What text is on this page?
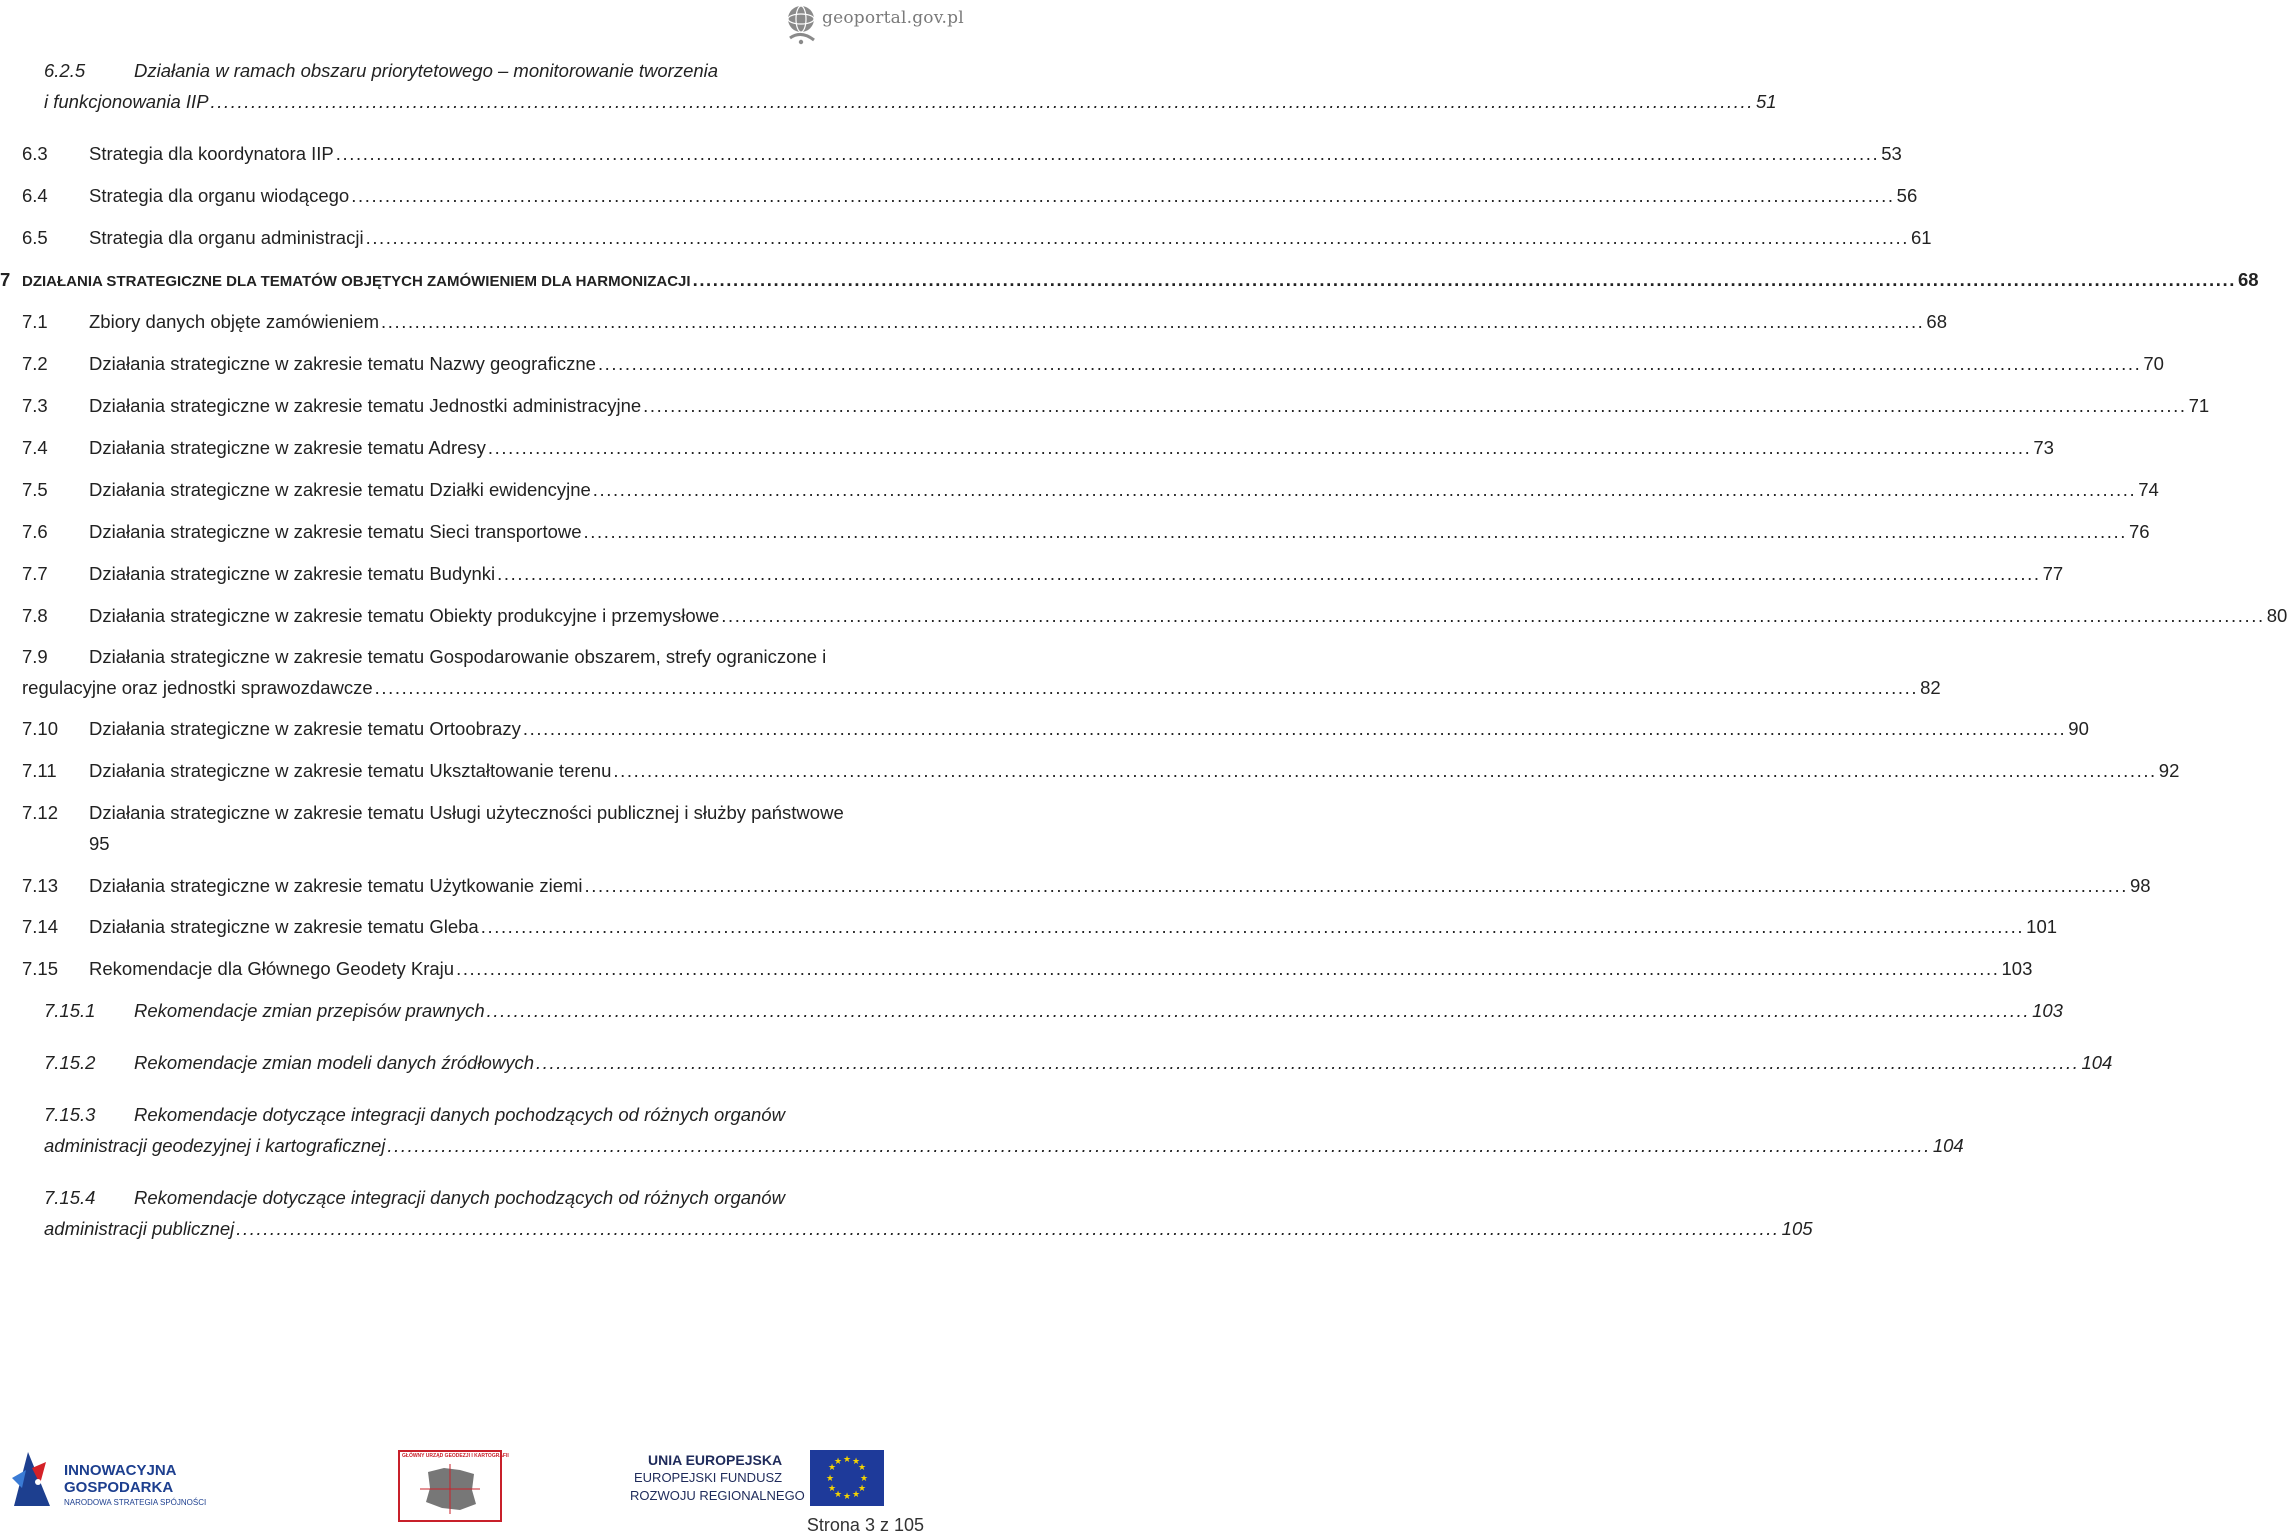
geoportal.gov.pl
6.2.5	Działania w ramach obszaru priorytetowego – monitorowanie tworzenia
i funkcjonowania IIP .....	51
6.3	Strategia dla koordynatora IIP .....	53
6.4	Strategia dla organu wiodącego .....	56
6.5	Strategia dla organu administracji .....	61
7 DZIAŁANIA STRATEGICZNE DLA TEMATÓW OBJĘTYCH ZAMÓWIENIEM DLA HARMONIZACJI .....	68
7.1	Zbiory danych objęte zamówieniem .....	68
7.2	Działania strategiczne w zakresie tematu Nazwy geograficzne .....	70
7.3	Działania strategiczne w zakresie tematu Jednostki administracyjne .....	71
7.4	Działania strategiczne w zakresie tematu Adresy .....	73
7.5	Działania strategiczne w zakresie tematu Działki ewidencyjne .....	74
7.6	Działania strategiczne w zakresie tematu Sieci transportowe .....	76
7.7	Działania strategiczne w zakresie tematu Budynki .....	77
7.8	Działania strategiczne w zakresie tematu Obiekty produkcyjne i przemysłowe .....	80
7.9 Działania strategiczne w zakresie tematu Gospodarowanie obszarem, strefy ograniczone i
regulacyjne oraz jednostki sprawozdawcze .....	82
7.10	Działania strategiczne w zakresie tematu Ortoobrazy .....	90
7.11	Działania strategiczne w zakresie tematu Ukształtowanie terenu .....	92
7.12 Działania strategiczne w zakresie tematu Usługi użyteczności publicznej i służby państwowe
95
7.13	Działania strategiczne w zakresie tematu Użytkowanie ziemi .....	98
7.14	Działania strategiczne w zakresie tematu Gleba .....	101
7.15	Rekomendacje dla Głównego Geodety Kraju .....	103
7.15.1	Rekomendacje zmian przepisów prawnych .....	103
7.15.2	Rekomendacje zmian modeli danych źródłowych .....	104
7.15.3 Rekomendacje dotyczące integracji danych pochodzących od różnych organów
administracji geodezyjnej i kartograficznej .....	104
7.15.4 Rekomendacje dotyczące integracji danych pochodzących od różnych organów
administracji publicznej .....	105
INNOWACYJNA
GOSPODARKA
NARODOWA STRATEGIA SPÓJNOŚCI
GŁÓWNY URZĄD GEODEZJI I KARTOGRAFII	UNIA EUROPEJSKA
EUROPEJSKI FUNDUSZ
ROZWOJU REGIONALNEGO
★ ★
★
★
★
★
★
★
★
★
★
★
Strona 3 z 105
